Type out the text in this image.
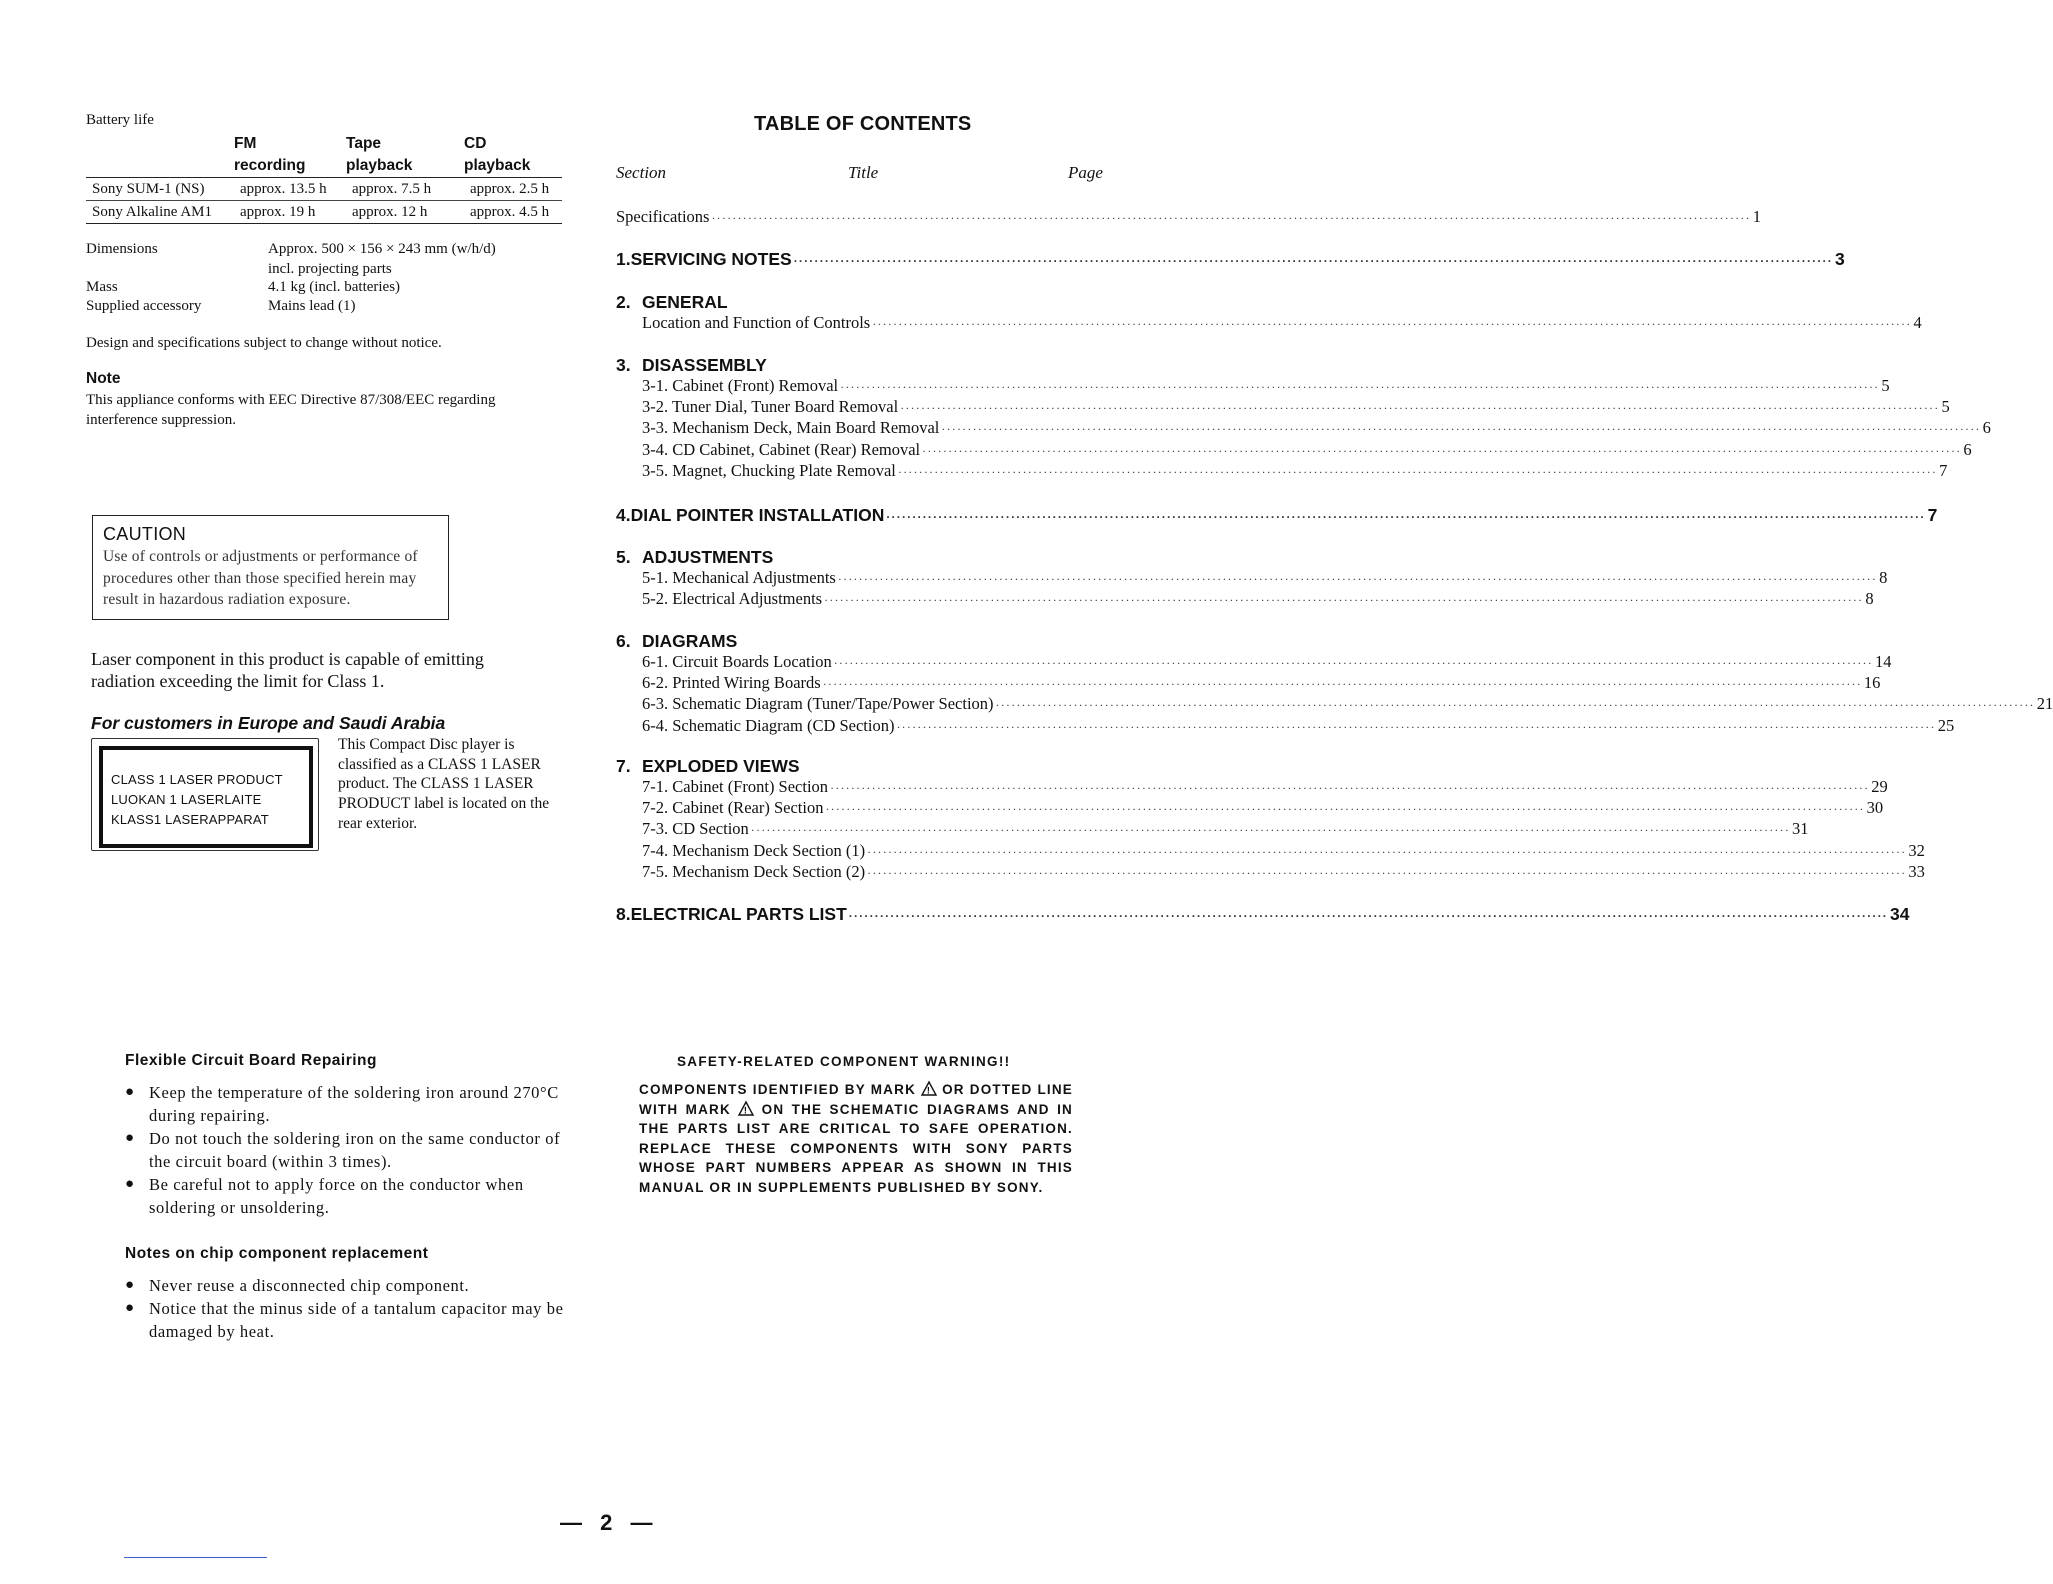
Battery life
	FM	Tape	CD
	recording	playback	playback
Sony SUM-1 (NS)	approx. 13.5 h	approx. 7.5 h	approx. 2.5 h
Sony Alkaline AM1	approx. 19 h	approx. 12 h	approx. 4.5 h
Dimensions	Approx. 500 × 156 × 243 mm (w/h/d)
incl. projecting parts
Mass	4.1 kg (incl. batteries)
Supplied accessory	Mains lead (1)
Design and specifications subject to change without notice.
Note
This appliance conforms with EEC Directive 87/308/EEC regarding interference suppression.
CAUTION
Use of controls or adjustments or performance of procedures other than those specified herein may result in hazardous radiation exposure.
Laser component in this product is capable of emitting radiation exceeding the limit for Class 1.
For customers in Europe and Saudi Arabia
CLASS 1 LASER PRODUCT
LUOKAN 1 LASERLAITE
KLASS1 LASERAPPARAT
This Compact Disc player is classified as a CLASS 1 LASER product. The CLASS 1 LASER PRODUCT label is located on the rear exterior.
TABLE OF CONTENTS
Section	Title	Page
Specifications ········································································································································································································ 1
1. SERVICING NOTES ········································································································································································································ 3
2. GENERAL
Location and Function of Controls ········································································································································································································ 4
3. DISASSEMBLY
3-1. Cabinet (Front) Removal ········································································································································································································ 5
3-2. Tuner Dial, Tuner Board Removal ········································································································································································································ 5
3-3. Mechanism Deck, Main Board Removal ········································································································································································································ 6
3-4. CD Cabinet, Cabinet (Rear) Removal ········································································································································································································ 6
3-5. Magnet, Chucking Plate Removal ········································································································································································································ 7
4. DIAL POINTER INSTALLATION ········································································································································································································ 7
5. ADJUSTMENTS
5-1. Mechanical Adjustments ········································································································································································································ 8
5-2. Electrical Adjustments ········································································································································································································ 8
6. DIAGRAMS
6-1. Circuit Boards Location ········································································································································································································ 14
6-2. Printed Wiring Boards ········································································································································································································ 16
6-3. Schematic Diagram (Tuner/Tape/Power Section) ········································································································································································································ 21
6-4. Schematic Diagram (CD Section) ········································································································································································································ 25
7. EXPLODED VIEWS
7-1. Cabinet (Front) Section ········································································································································································································ 29
7-2. Cabinet (Rear) Section ········································································································································································································ 30
7-3. CD Section ········································································································································································································ 31
7-4. Mechanism Deck Section (1) ········································································································································································································ 32
7-5. Mechanism Deck Section (2) ········································································································································································································ 33
8. ELECTRICAL PARTS LIST ········································································································································································································ 34
Flexible Circuit Board Repairing
● Keep the temperature of the soldering iron around 270°C during repairing.
● Do not touch the soldering iron on the same conductor of the circuit board (within 3 times).
● Be careful not to apply force on the conductor when soldering or unsoldering.
Notes on chip component replacement
● Never reuse a disconnected chip component.
● Notice that the minus side of a tantalum capacitor may be damaged by heat.
SAFETY-RELATED COMPONENT WARNING!!
COMPONENTS IDENTIFIED BY MARK ! OR DOTTED LINE WITH MARK ! ON THE SCHEMATIC DIAGRAMS AND IN THE PARTS LIST ARE CRITICAL TO SAFE OPERATION. REPLACE THESE COMPONENTS WITH SONY PARTS WHOSE PART NUMBERS APPEAR AS SHOWN IN THIS MANUAL OR IN SUPPLEMENTS PUBLISHED BY SONY.
— 2 —
